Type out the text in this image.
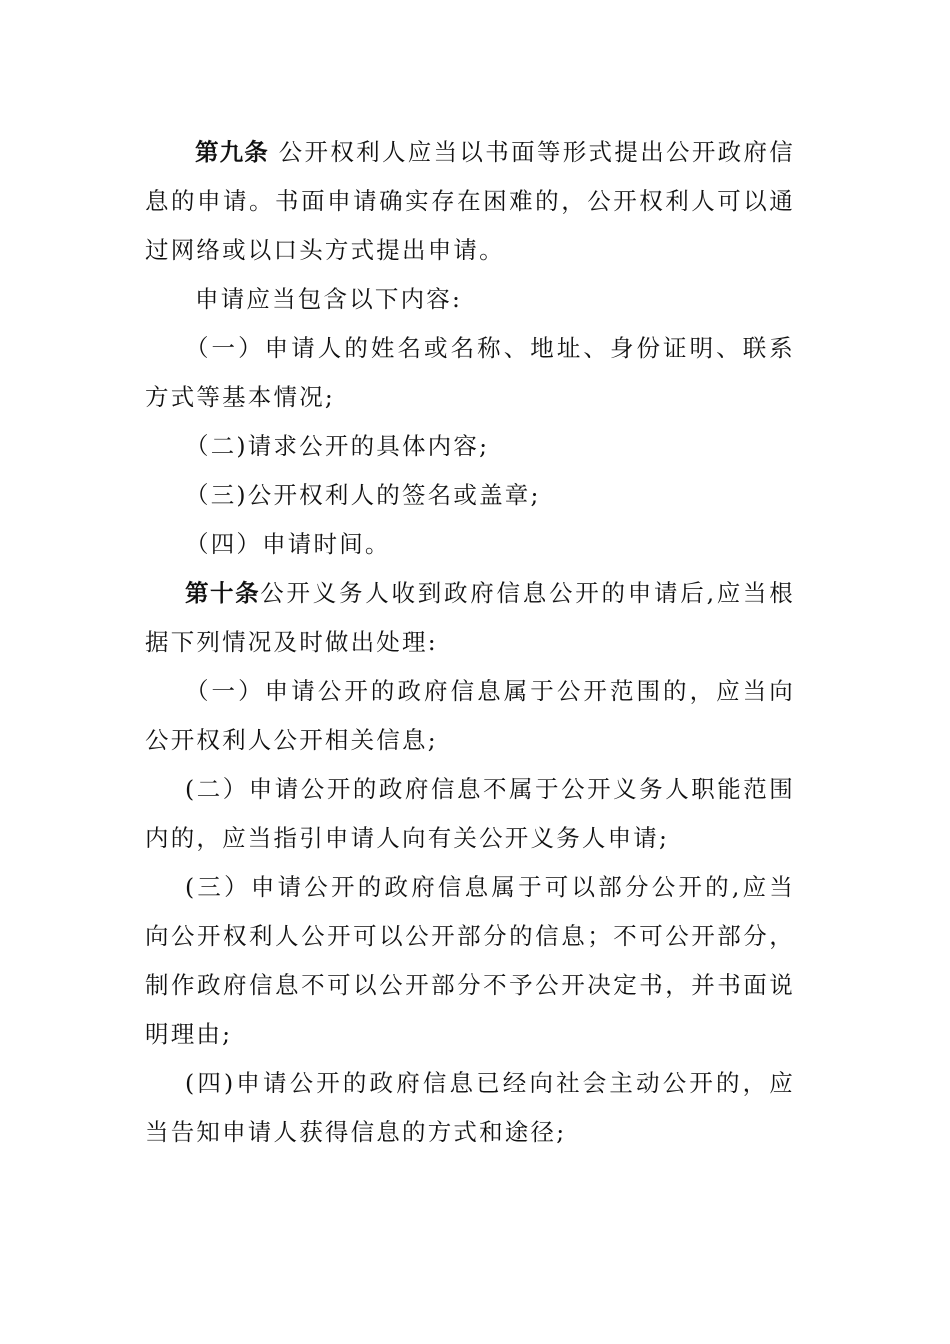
第九条 公开权利人应当以书面等形式提出公开政府信息的申请。书面申请确实存在困难的，公开权利人可以通过网络或以口头方式提出申请。

申请应当包含以下内容:

（一）申请人的姓名或名称、地址、身份证明、联系方式等基本情况;

（二)请求公开的具体内容;

（三)公开权利人的签名或盖章;

（四）申请时间。

第十条公开义务人收到政府信息公开的申请后,应当根据下列情况及时做出处理:

（一）申请公开的政府信息属于公开范围的，应当向公开权利人公开相关信息;

(二）申请公开的政府信息不属于公开义务人职能范围内的，应当指引申请人向有关公开义务人申请;

(三）申请公开的政府信息属于可以部分公开的,应当向公开权利人公开可以公开部分的信息；不可公开部分，制作政府信息不可以公开部分不予公开决定书，并书面说明理由;

(四)申请公开的政府信息已经向社会主动公开的，应当告知申请人获得信息的方式和途径;
